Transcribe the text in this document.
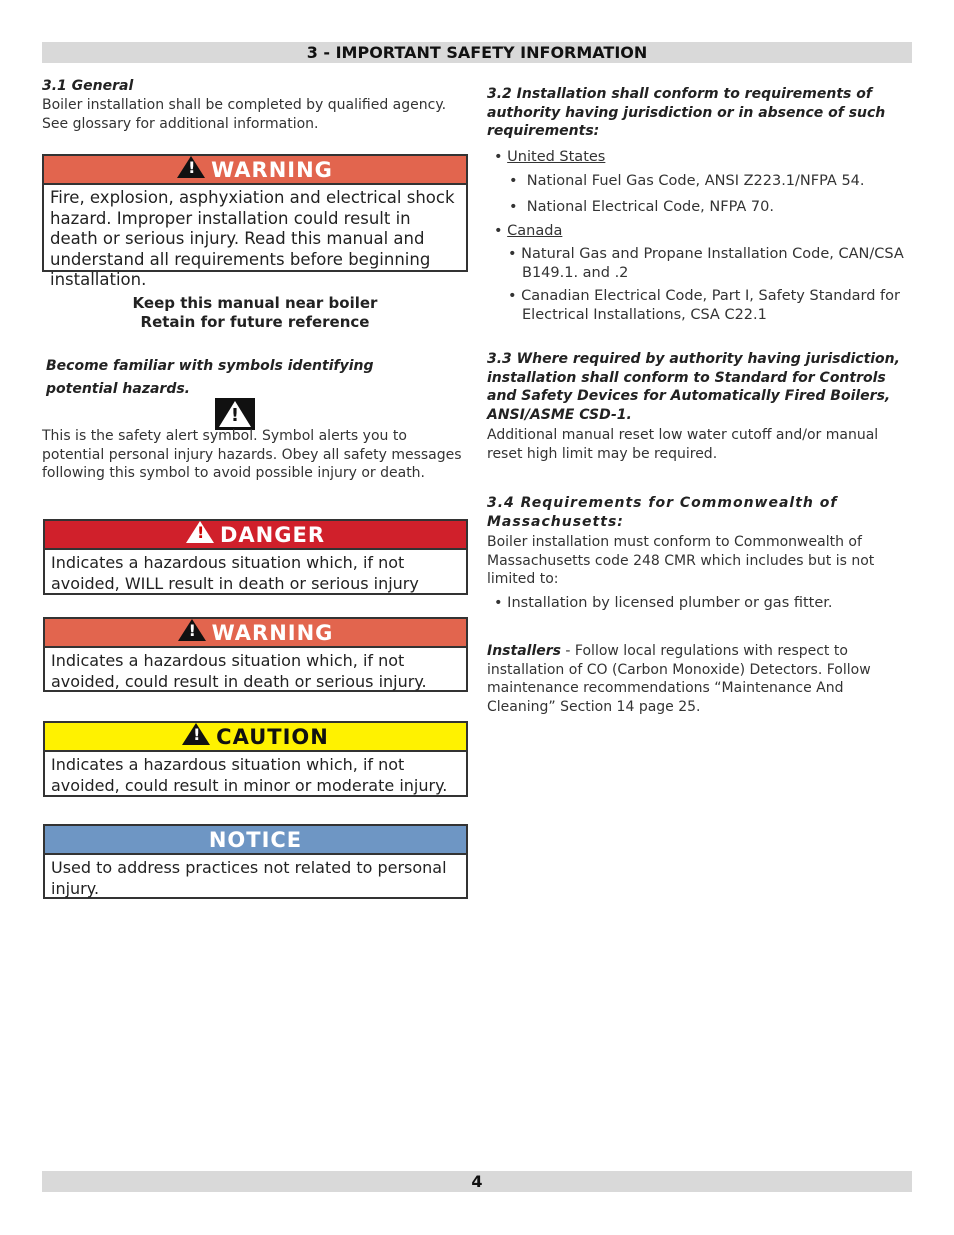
3 - IMPORTANT SAFETY INFORMATION
3.1 General
Boiler installation shall be completed by qualified agency.
See glossary for additional information.
!WARNING
Fire, explosion, asphyxiation and electrical shock hazard. Improper installation could result in death or serious injury. Read this manual and understand all requirements before beginning installation.
Keep this manual near boiler
Retain for future reference
Become familiar with symbols identifying
potential hazards.
!
This is the safety alert symbol. Symbol alerts you to
potential personal injury hazards. Obey all safety messages
following this symbol to avoid possible injury or death.
!DANGER
Indicates a hazardous situation which, if not avoided, WILL result in death or serious injury
!WARNING
Indicates a hazardous situation which, if not avoided, could result in death or serious injury.
!CAUTION
Indicates a hazardous situation which, if not avoided, could result in minor or moderate injury.
NOTICE
Used to address practices not related to personal injury.
3.2 Installation shall conform to requirements of authority having jurisdiction or in absence of such requirements:
• United States
•  National Fuel Gas Code, ANSI Z223.1/NFPA 54.
•  National Electrical Code, NFPA 70.
• Canada
• Natural Gas and Propane Installation Code, CAN/CSA B149.1. and .2
• Canadian Electrical Code, Part I, Safety Standard for Electrical Installations, CSA C22.1
3.3 Where required by authority having jurisdiction, installation shall conform to Standard for Controls and Safety Devices for Automatically Fired Boilers, ANSI/ASME CSD-1.
Additional manual reset low water cutoff and/or manual reset high limit may be required.
3.4 Requirements for Commonwealth of Massachusetts:
Boiler installation must conform to Commonwealth of Massachusetts code 248 CMR which includes but is not limited to:
• Installation by licensed plumber or gas fitter.
Installers - Follow local regulations with respect to installation of CO (Carbon Monoxide) Detectors. Follow maintenance recommendations “Maintenance And Cleaning” Section 14 page 25.
4
